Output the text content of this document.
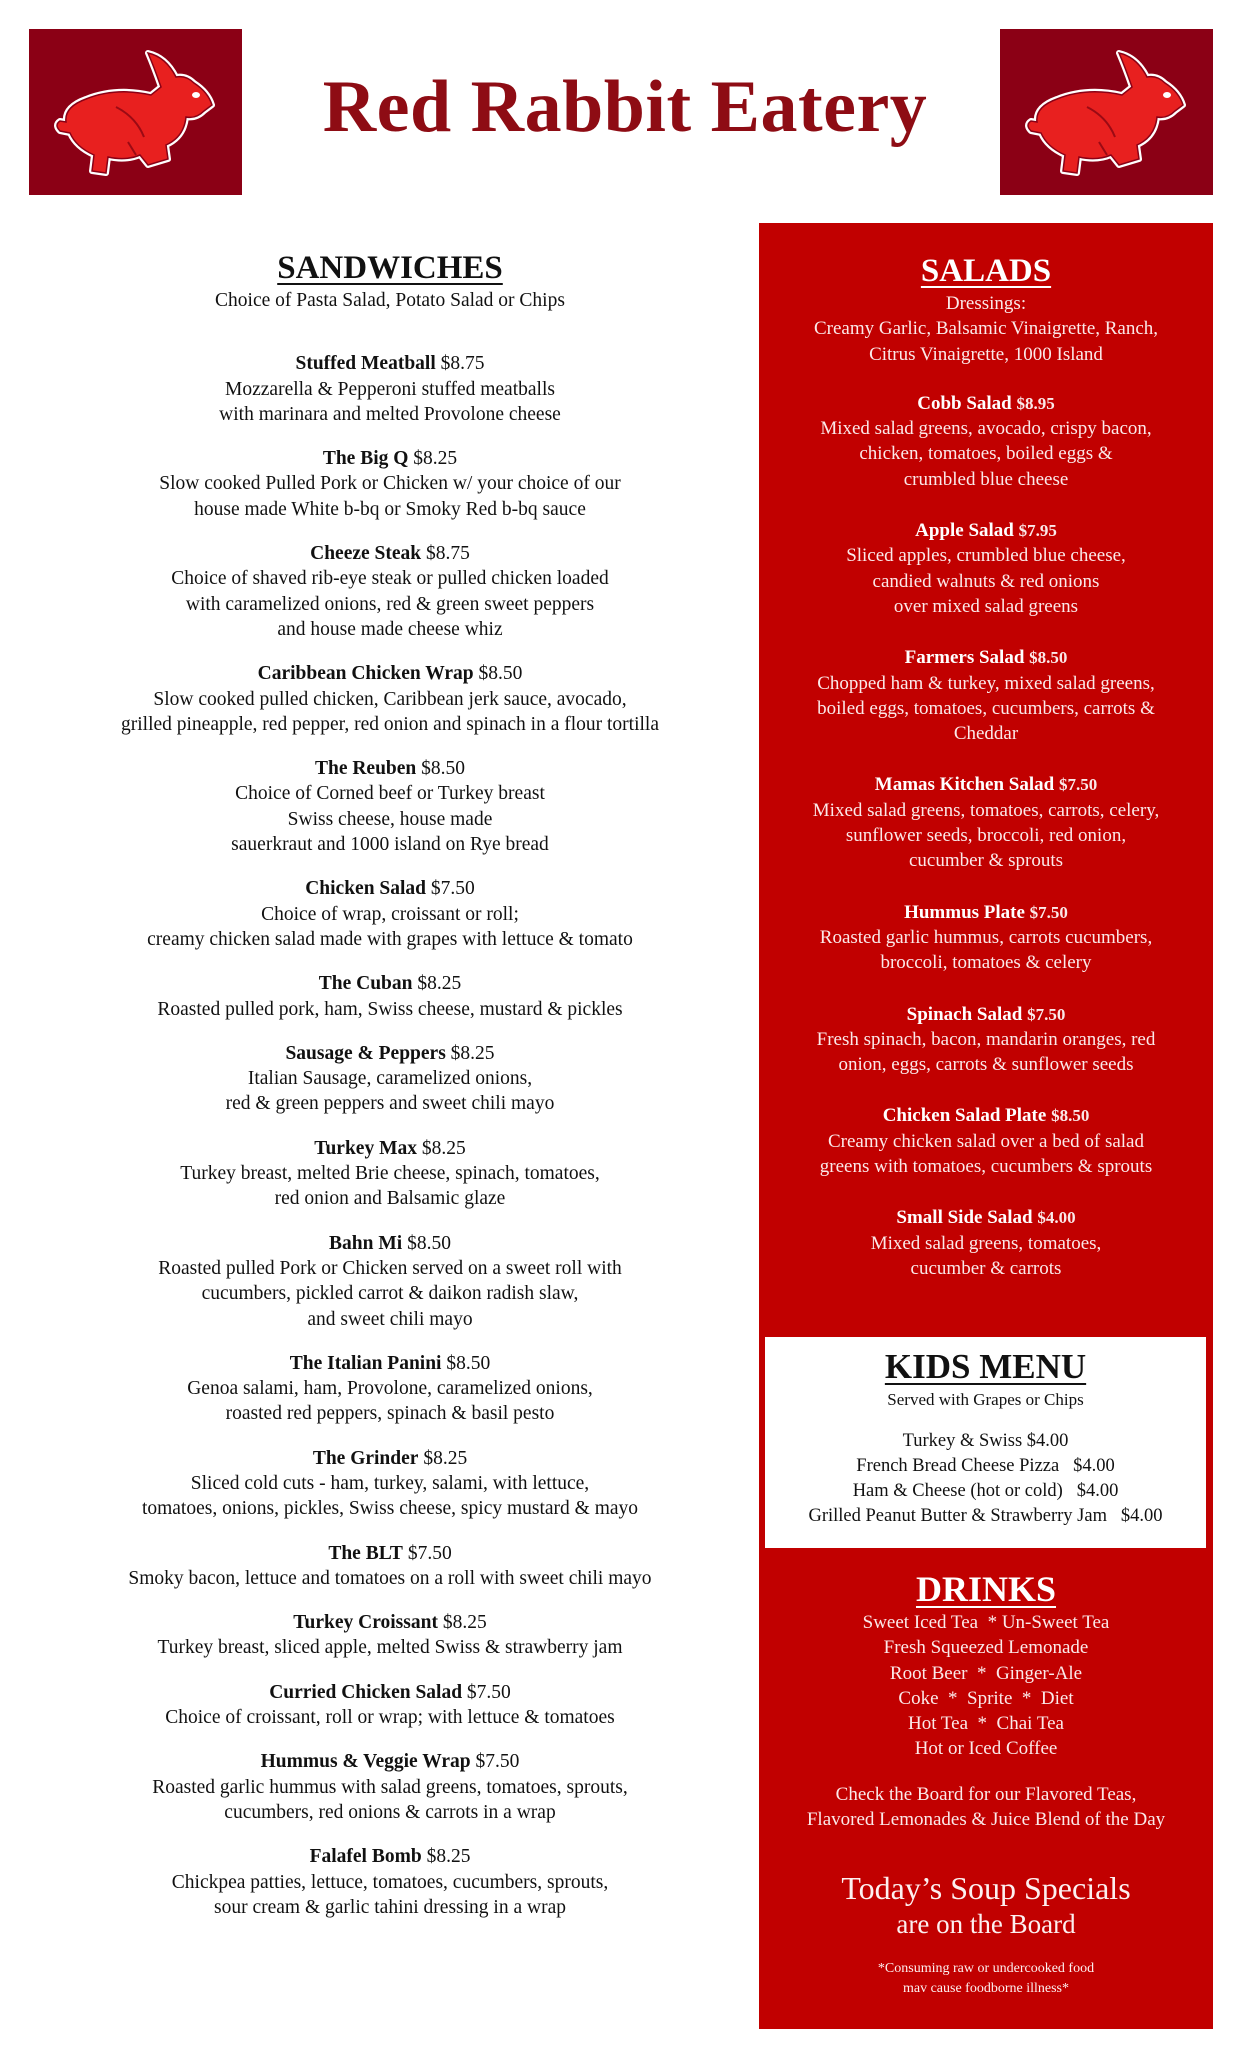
Red Rabbit Eatery
SANDWICHES
Choice of Pasta Salad, Potato Salad or Chips
Stuffed Meatball $8.75
Mozzarella & Pepperoni stuffed meatballs
with marinara and melted Provolone cheese
The Big Q $8.25
Slow cooked Pulled Pork or Chicken w/ your choice of our
house made White b-bq or Smoky Red b-bq sauce
Cheeze Steak $8.75
Choice of shaved rib-eye steak or pulled chicken loaded
with caramelized onions, red & green sweet peppers
and house made cheese whiz
Caribbean Chicken Wrap $8.50
Slow cooked pulled chicken, Caribbean jerk sauce, avocado,
grilled pineapple, red pepper, red onion and spinach in a flour tortilla
The Reuben $8.50
Choice of Corned beef or Turkey breast
Swiss cheese, house made
sauerkraut and 1000 island on Rye bread
Chicken Salad $7.50
Choice of wrap, croissant or roll;
creamy chicken salad made with grapes with lettuce & tomato
The Cuban $8.25
Roasted pulled pork, ham, Swiss cheese, mustard & pickles
Sausage & Peppers $8.25
Italian Sausage, caramelized onions,
red & green peppers and sweet chili mayo
Turkey Max $8.25
Turkey breast, melted Brie cheese, spinach, tomatoes,
red onion and Balsamic glaze
Bahn Mi $8.50
Roasted pulled Pork or Chicken served on a sweet roll with
cucumbers, pickled carrot & daikon radish slaw,
and sweet chili mayo
The Italian Panini $8.50
Genoa salami, ham, Provolone, caramelized onions,
roasted red peppers, spinach & basil pesto
The Grinder $8.25
Sliced cold cuts - ham, turkey, salami, with lettuce,
tomatoes, onions, pickles, Swiss cheese, spicy mustard & mayo
The BLT $7.50
Smoky bacon, lettuce and tomatoes on a roll with sweet chili mayo
Turkey Croissant $8.25
Turkey breast, sliced apple, melted Swiss & strawberry jam
Curried Chicken Salad $7.50
Choice of croissant, roll or wrap; with lettuce & tomatoes
Hummus & Veggie Wrap $7.50
Roasted garlic hummus with salad greens, tomatoes, sprouts,
cucumbers, red onions & carrots in a wrap
Falafel Bomb $8.25
Chickpea patties, lettuce, tomatoes, cucumbers, sprouts,
sour cream & garlic tahini dressing in a wrap
SALADS
Dressings:
Creamy Garlic, Balsamic Vinaigrette, Ranch,
Citrus Vinaigrette, 1000 Island
Cobb Salad $8.95
Mixed salad greens, avocado, crispy bacon,
chicken, tomatoes, boiled eggs &
crumbled blue cheese
Apple Salad $7.95
Sliced apples, crumbled blue cheese,
candied walnuts & red onions
over mixed salad greens
Farmers Salad $8.50
Chopped ham & turkey, mixed salad greens,
boiled eggs, tomatoes, cucumbers, carrots &
Cheddar
Mamas Kitchen Salad $7.50
Mixed salad greens, tomatoes, carrots, celery,
sunflower seeds, broccoli, red onion,
cucumber & sprouts
Hummus Plate $7.50
Roasted garlic hummus, carrots cucumbers,
broccoli, tomatoes & celery
Spinach Salad $7.50
Fresh spinach, bacon, mandarin oranges, red
onion, eggs, carrots & sunflower seeds
Chicken Salad Plate $8.50
Creamy chicken salad over a bed of salad
greens with tomatoes, cucumbers & sprouts
Small Side Salad $4.00
Mixed salad greens, tomatoes,
cucumber & carrots
KIDS MENU
Served with Grapes or Chips
Turkey & Swiss $4.00
French Bread Cheese Pizza $4.00
Ham & Cheese (hot or cold) $4.00
Grilled Peanut Butter & Strawberry Jam $4.00
DRINKS
Sweet Iced Tea  * Un-Sweet Tea
Fresh Squeezed Lemonade
Root Beer  *  Ginger-Ale
Coke  *  Sprite  *  Diet
Hot Tea  *  Chai Tea
Hot or Iced Coffee
Check the Board for our Flavored Teas,
Flavored Lemonades & Juice Blend of the Day
Today’s Soup Specials
are on the Board
*Consuming raw or undercooked food
mav cause foodborne illness*
